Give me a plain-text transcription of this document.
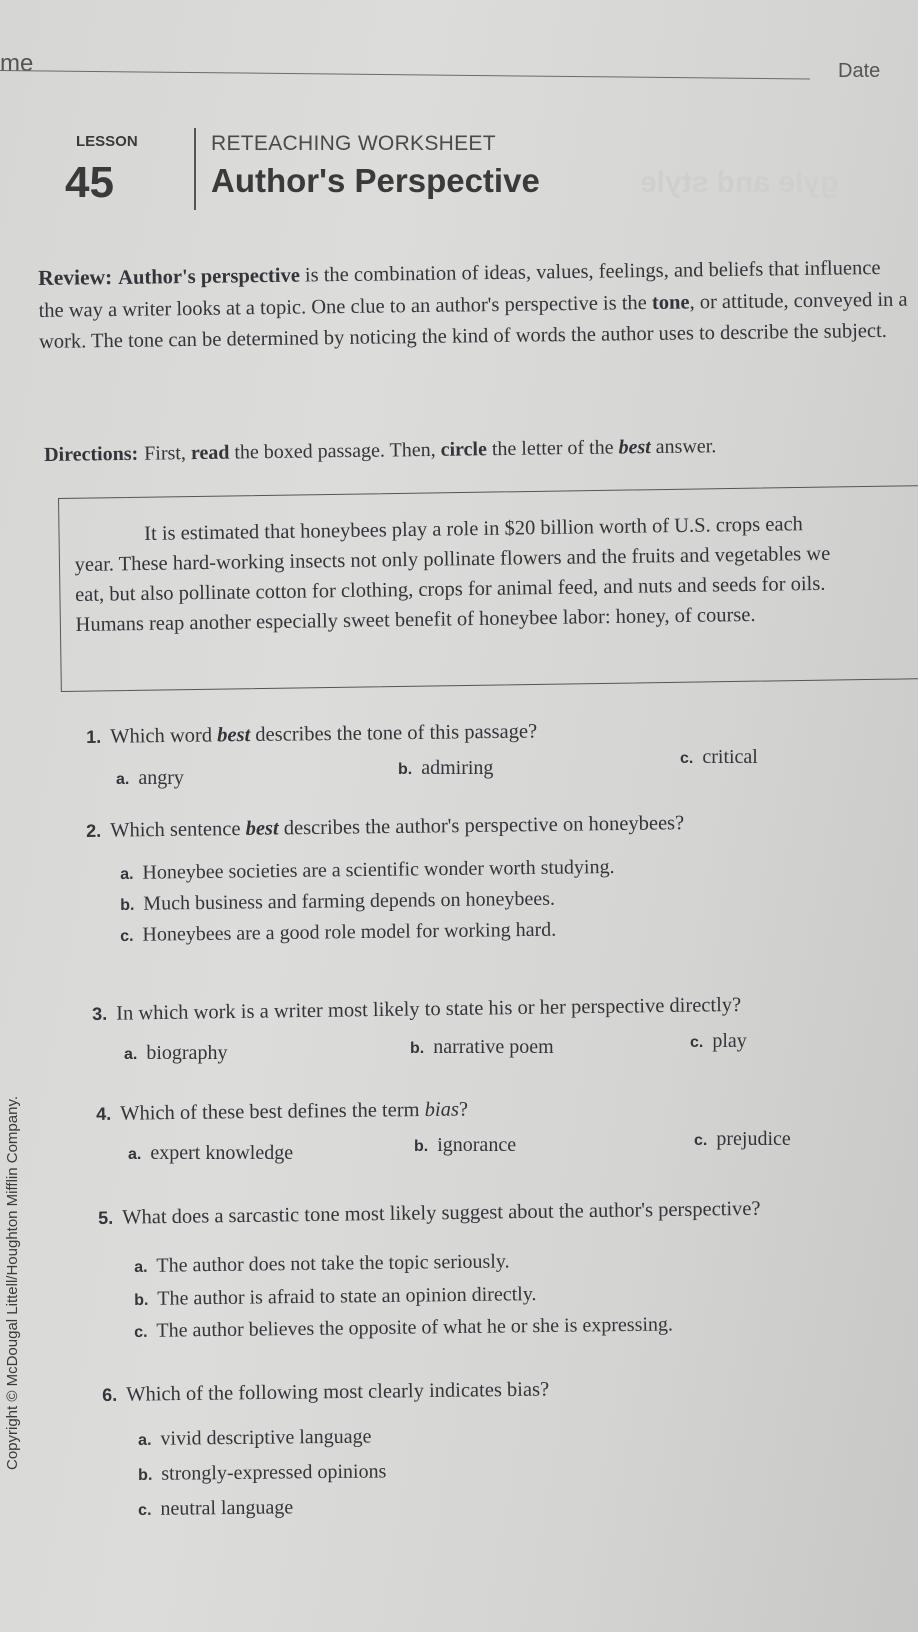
me	Date
LESSON
45
RETEACHING WORKSHEET
Author's Perspective	gyle and style
Review: Author's perspective is the combination of ideas, values, feelings, and beliefs that influence the way a writer looks at a topic. One clue to an author's perspective is the tone, or attitude, conveyed in a work. The tone can be determined by noticing the kind of words the author uses to describe the subject.
Directions: First, read the boxed passage. Then, circle the letter of the best answer.
It is estimated that honeybees play a role in $20 billion worth of U.S. crops each year. These hard-working insects not only pollinate flowers and the fruits and vegetables we eat, but also pollinate cotton for clothing, crops for animal feed, and nuts and seeds for oils. Humans reap another especially sweet benefit of honeybee labor: honey, of course.
1. Which word best describes the tone of this passage?
a. angry	b. admiring	c. critical
2. Which sentence best describes the author's perspective on honeybees?
a. Honeybee societies are a scientific wonder worth studying.
b. Much business and farming depends on honeybees.
c. Honeybees are a good role model for working hard.
3. In which work is a writer most likely to state his or her perspective directly?
a. biography	b. narrative poem	c. play
4. Which of these best defines the term bias?
a. expert knowledge	b. ignorance	c. prejudice
5. What does a sarcastic tone most likely suggest about the author's perspective?
a. The author does not take the topic seriously.
b. The author is afraid to state an opinion directly.
c. The author believes the opposite of what he or she is expressing.
6. Which of the following most clearly indicates bias?
a. vivid descriptive language
b. strongly-expressed opinions
c. neutral language
Copyright © McDougal Littell/Houghton Mifflin Company.
